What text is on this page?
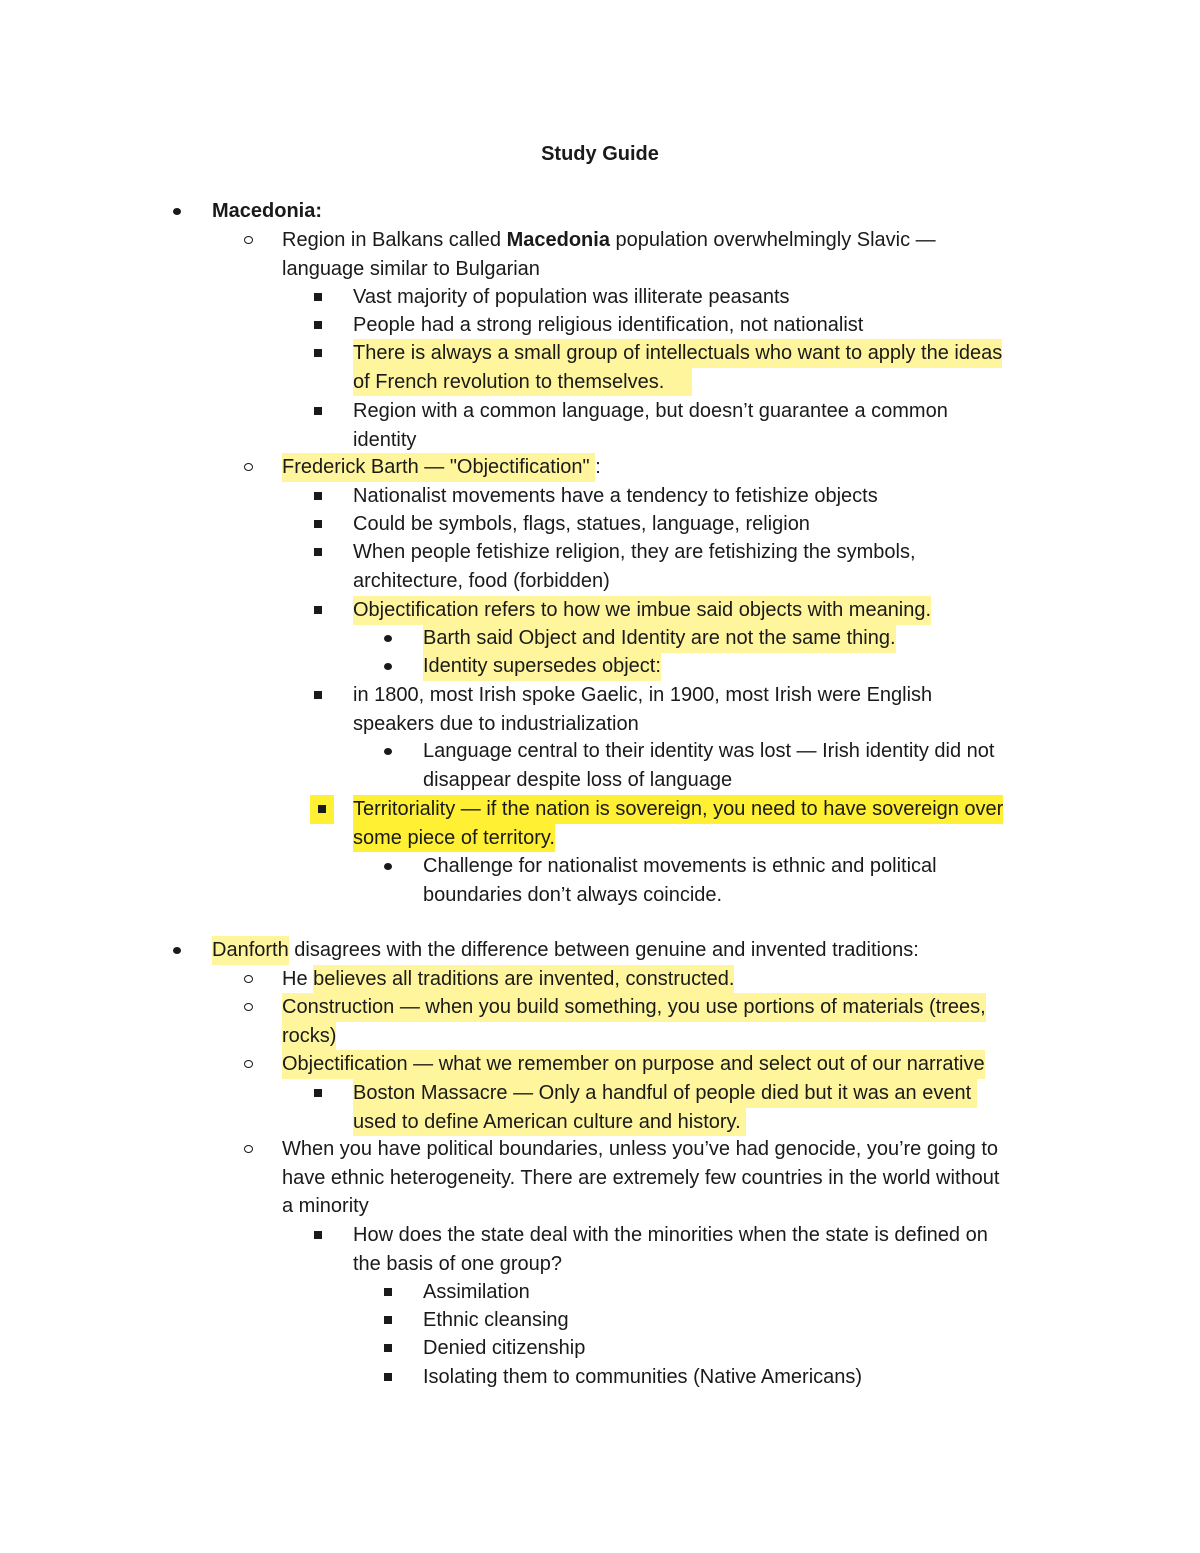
Study Guide
Macedonia:
Region in Balkans called Macedonia population overwhelmingly Slavic —
language similar to Bulgarian
Vast majority of population was illiterate peasants
People had a strong religious identification, not nationalist
There is always a small group of intellectuals who want to apply the ideas
of French revolution to themselves.
Region with a common language, but doesn’t guarantee a common
identity
Frederick Barth — "Objectification" :
Nationalist movements have a tendency to fetishize objects
Could be symbols, flags, statues, language, religion
When people fetishize religion, they are fetishizing the symbols,
architecture, food (forbidden)
Objectification refers to how we imbue said objects with meaning.
Barth said Object and Identity are not the same thing.
Identity supersedes object:
in 1800, most Irish spoke Gaelic, in 1900, most Irish were English
speakers due to industrialization
Language central to their identity was lost — Irish identity did not
disappear despite loss of language
Territoriality — if the nation is sovereign, you need to have sovereign over
some piece of territory.
Challenge for nationalist movements is ethnic and political
boundaries don’t always coincide.
Danforth disagrees with the difference between genuine and invented traditions:
He believes all traditions are invented, constructed.
Construction — when you build something, you use portions of materials (trees,
rocks)
Objectification — what we remember on purpose and select out of our narrative
Boston Massacre — Only a handful of people died but it was an event
used to define American culture and history.
When you have political boundaries, unless you’ve had genocide, you’re going to
have ethnic heterogeneity. There are extremely few countries in the world without
a minority
How does the state deal with the minorities when the state is defined on
the basis of one group?
Assimilation
Ethnic cleansing
Denied citizenship
Isolating them to communities (Native Americans)
